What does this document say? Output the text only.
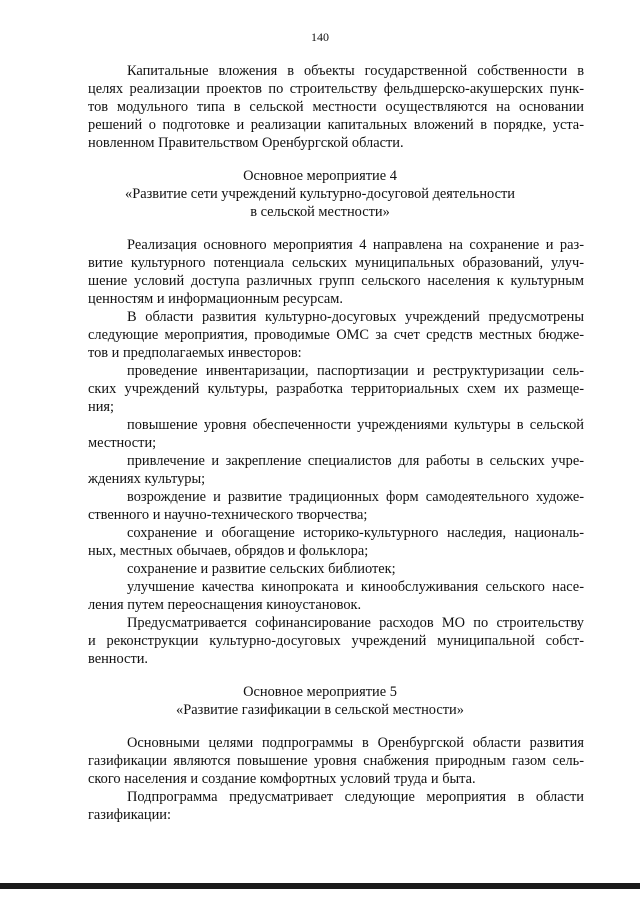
140
Капитальные вложения в объекты государственной собственности в
целях реализации проектов по строительству фельдшерско-акушерских пунк-
тов модульного типа в сельской местности осуществляются на основании
решений о подготовке и реализации капитальных вложений в порядке, уста-
новленном Правительством Оренбургской области.
Основное мероприятие 4
«Развитие сети учреждений культурно-досуговой деятельности
в сельской местности»
Реализация основного мероприятия 4 направлена на сохранение и раз-
витие культурного потенциала сельских муниципальных образований, улуч-
шение условий доступа различных групп сельского населения к культурным
ценностям и информационным ресурсам.
В области развития культурно-досуговых учреждений предусмотрены
следующие мероприятия, проводимые ОМС за счет средств местных бюдже-
тов и предполагаемых инвесторов:
проведение инвентаризации, паспортизации и реструктуризации сель-
ских учреждений культуры, разработка территориальных схем их размеще-
ния;
повышение уровня обеспеченности учреждениями культуры в сельской
местности;
привлечение и закрепление специалистов для работы в сельских учре-
ждениях культуры;
возрождение и развитие традиционных форм самодеятельного художе-
ственного и научно-технического творчества;
сохранение и обогащение историко-культурного наследия, националь-
ных, местных обычаев, обрядов и фольклора;
сохранение и развитие сельских библиотек;
улучшение качества кинопроката и кинообслуживания сельского насе-
ления путем переоснащения киноустановок.
Предусматривается софинансирование расходов МО по строительству
и реконструкции культурно-досуговых учреждений муниципальной собст-
венности.
Основное мероприятие 5
«Развитие газификации в сельской местности»
Основными целями подпрограммы в Оренбургской области развития
газификации являются повышение уровня снабжения природным газом сель-
ского населения и создание комфортных условий труда и быта.
Подпрограмма предусматривает следующие мероприятия в области
газификации:
